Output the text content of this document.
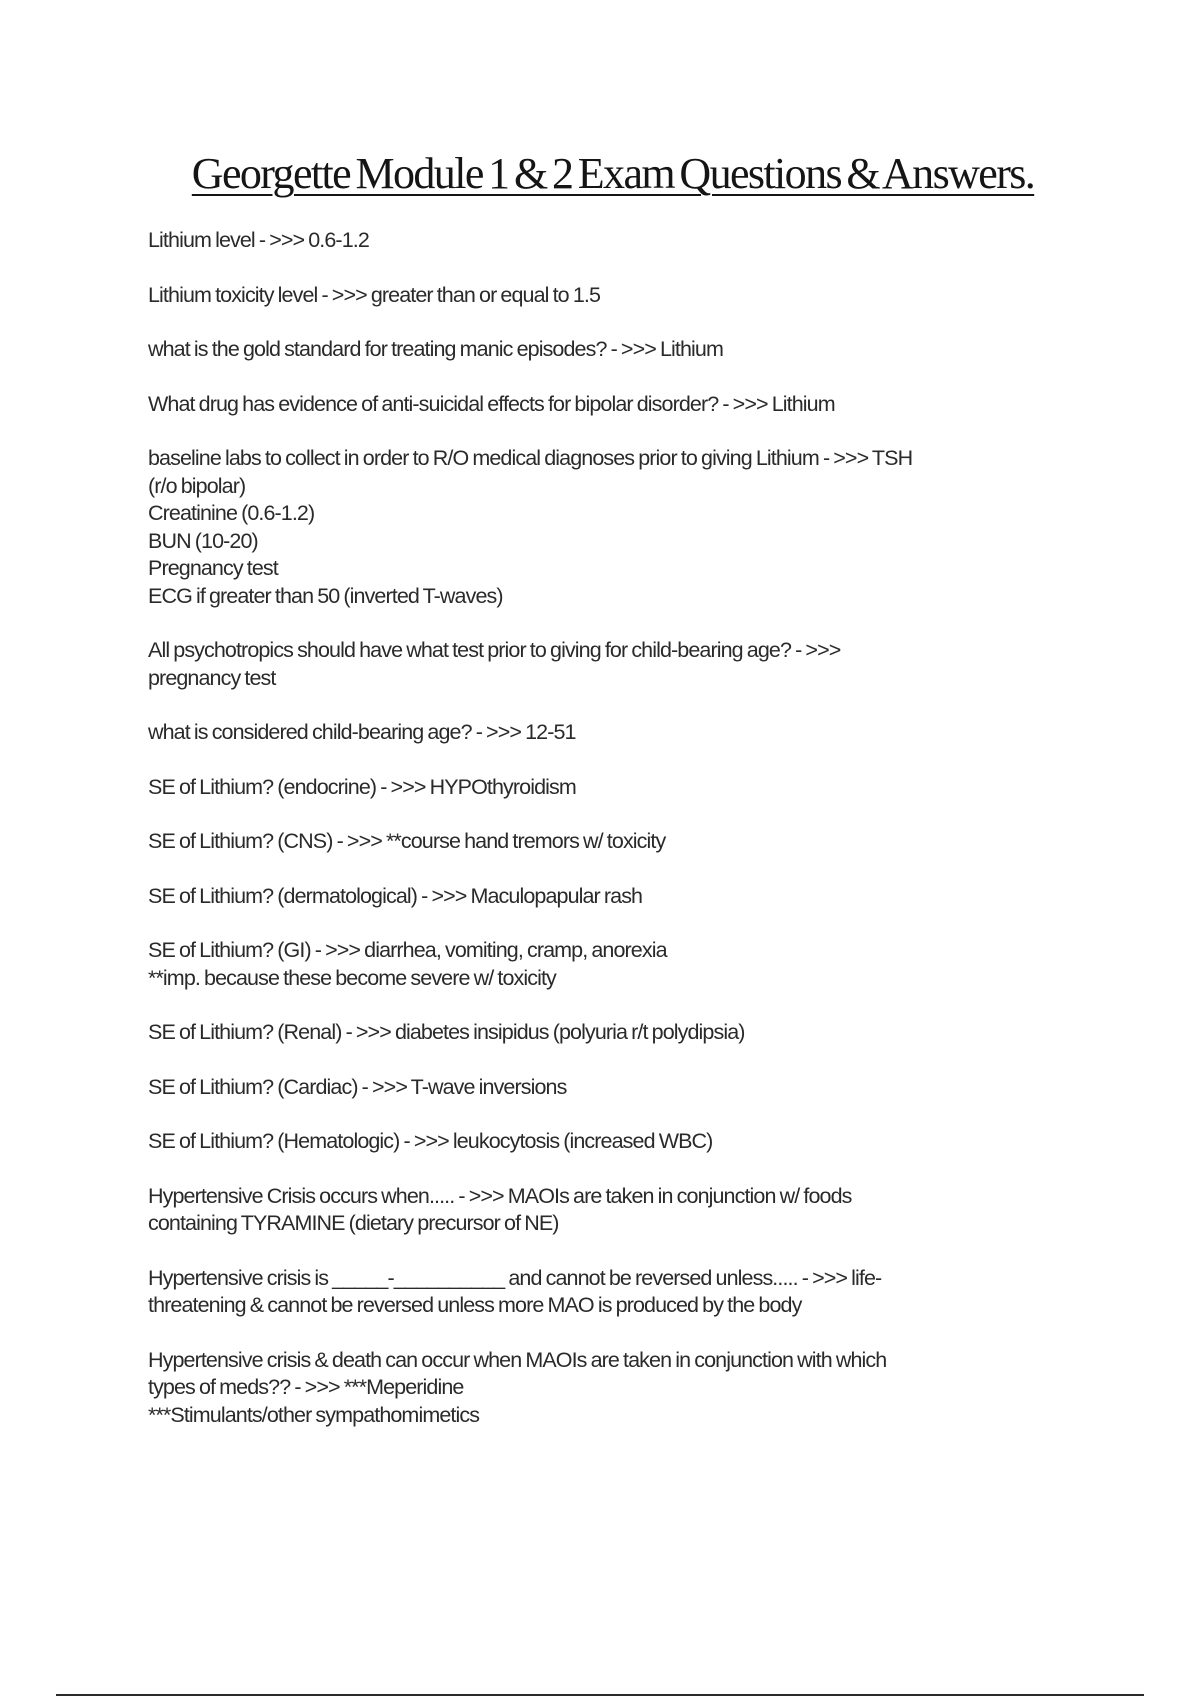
Georgette Module 1 & 2 Exam Questions & Answers.
Lithium level - >>> 0.6-1.2
Lithium toxicity level - >>> greater than or equal to 1.5
what is the gold standard for treating manic episodes? - >>> Lithium
What drug has evidence of anti-suicidal effects for bipolar disorder? - >>> Lithium
baseline labs to collect in order to R/O medical diagnoses prior to giving Lithium - >>> TSH
(r/o bipolar)
Creatinine (0.6-1.2)
BUN (10-20)
Pregnancy test
ECG if greater than 50 (inverted T-waves)
All psychotropics should have what test prior to giving for child-bearing age? - >>>
pregnancy test
what is considered child-bearing age? - >>> 12-51
SE of Lithium? (endocrine) - >>> HYPOthyroidism
SE of Lithium? (CNS) - >>> **course hand tremors w/ toxicity
SE of Lithium? (dermatological) - >>> Maculopapular rash
SE of Lithium? (GI) - >>> diarrhea, vomiting, cramp, anorexia
**imp. because these become severe w/ toxicity
SE of Lithium? (Renal) - >>> diabetes insipidus (polyuria r/t polydipsia)
SE of Lithium? (Cardiac) - >>> T-wave inversions
SE of Lithium? (Hematologic) - >>> leukocytosis (increased WBC)
Hypertensive Crisis occurs when..... - >>> MAOIs are taken in conjunction w/ foods
containing TYRAMINE (dietary precursor of NE)
Hypertensive crisis is _____-__________ and cannot be reversed unless..... - >>> life-
threatening & cannot be reversed unless more MAO is produced by the body
Hypertensive crisis & death can occur when MAOIs are taken in conjunction with which
types of meds?? - >>> ***Meperidine
***Stimulants/other sympathomimetics
